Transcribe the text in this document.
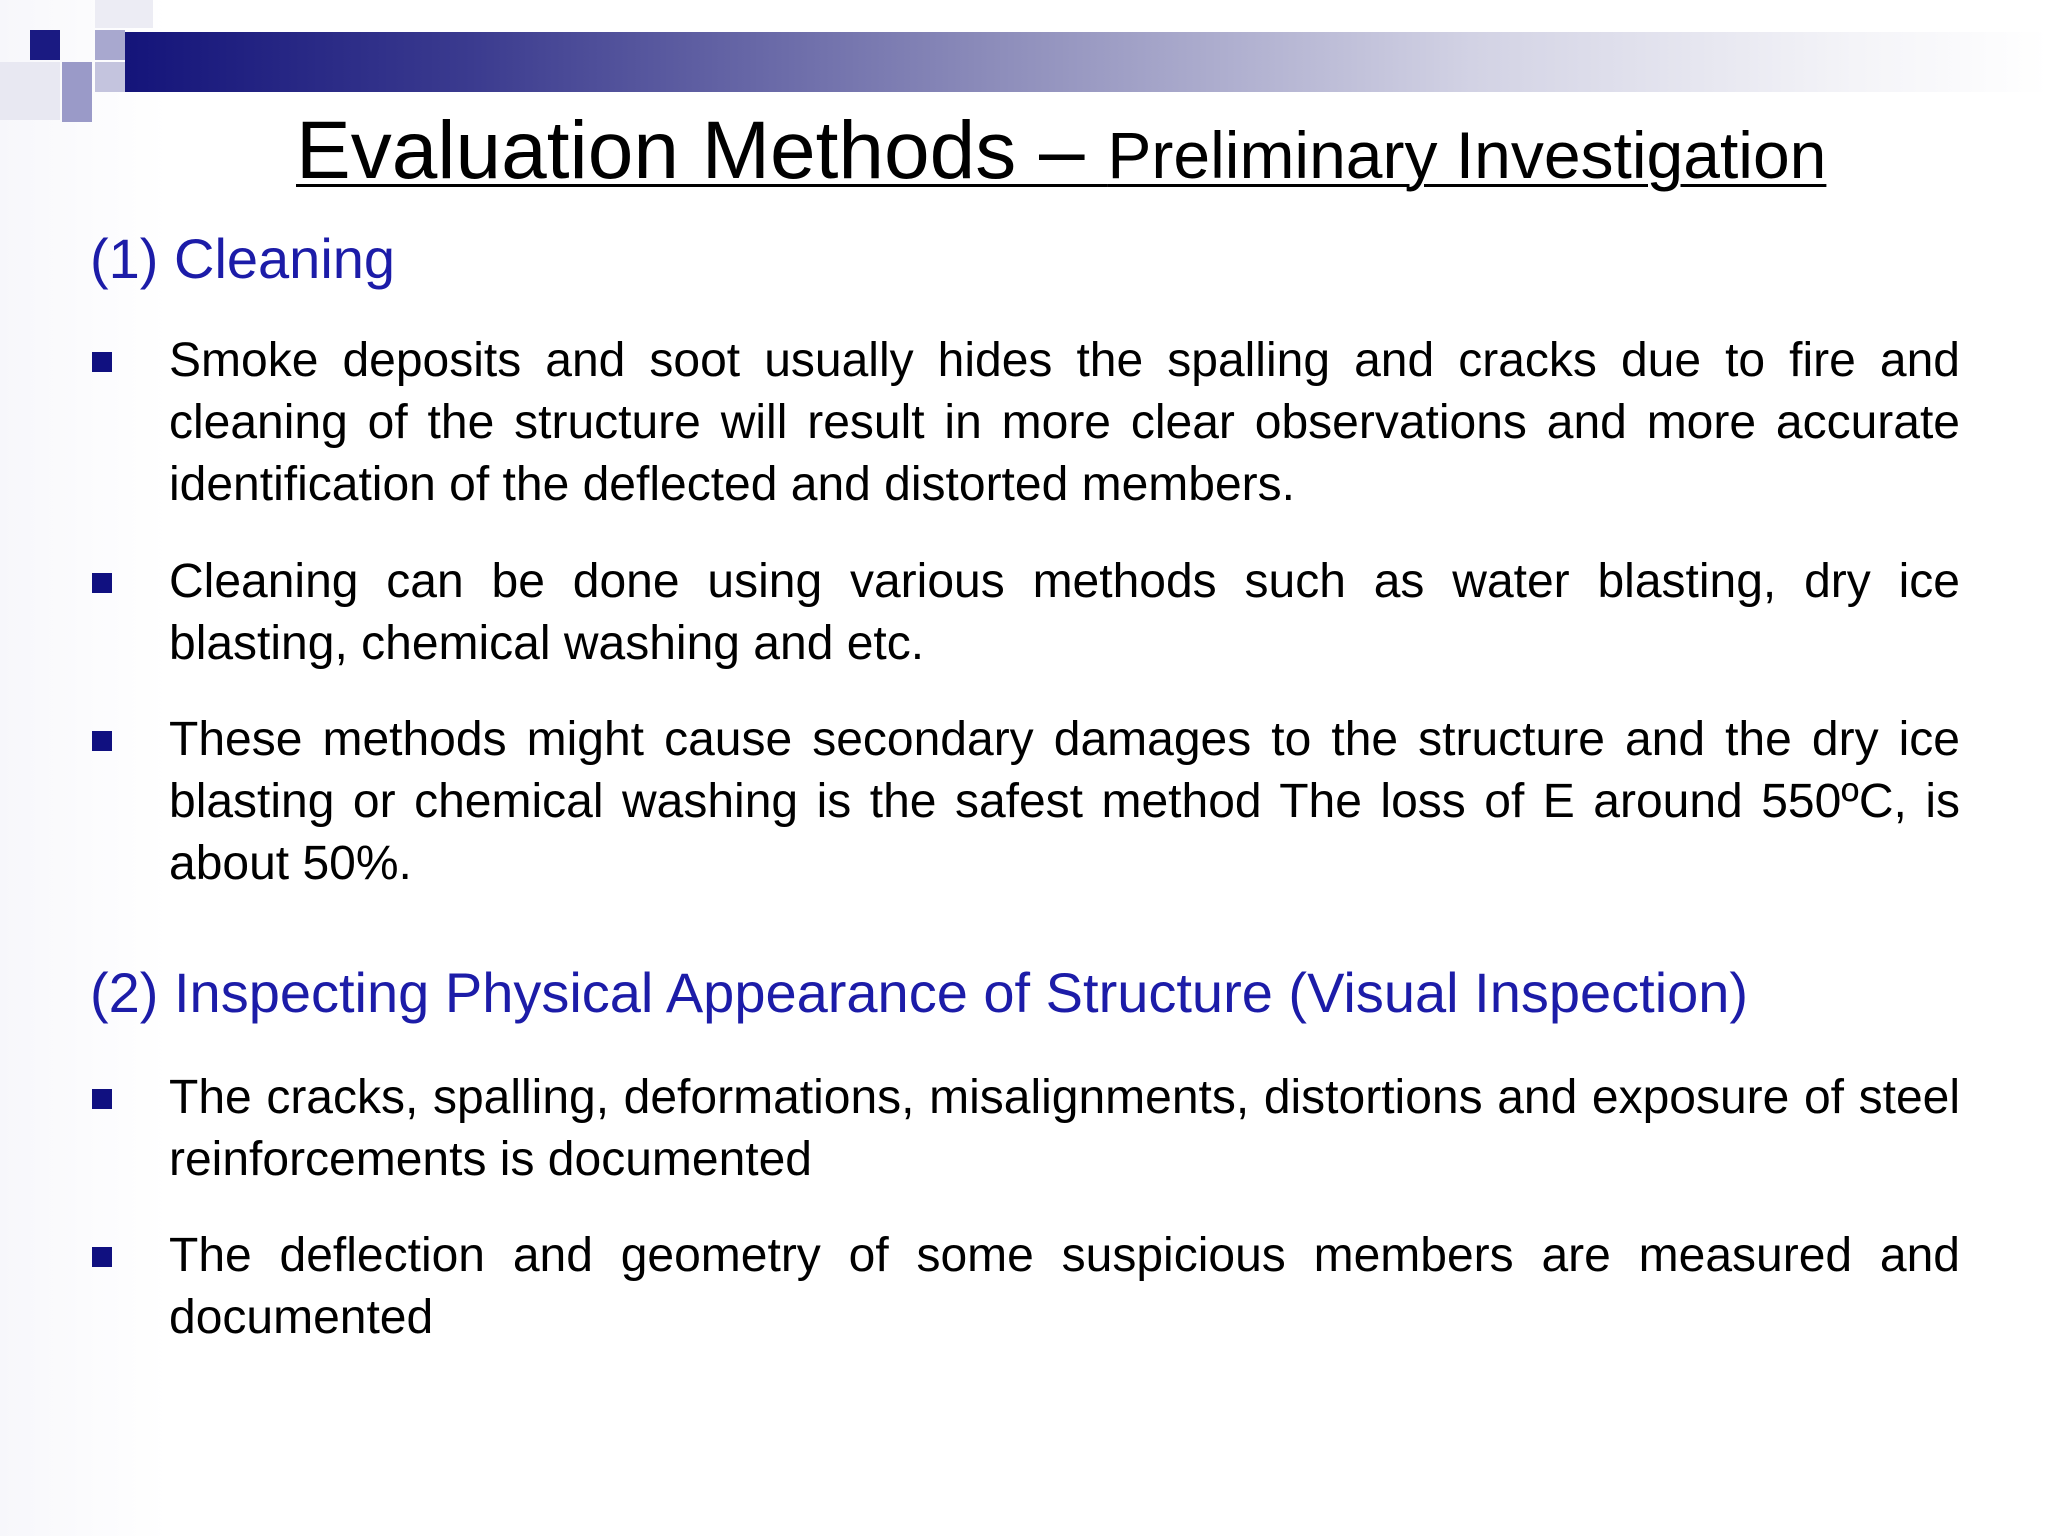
Evaluation Methods – Preliminary Investigation
(1) Cleaning
Smoke deposits and soot usually hides the spalling and cracks due to fire and cleaning of the structure will result in more clear observations and more accurate identification of the deflected and distorted members.
Cleaning can be done using various methods such as water blasting, dry ice blasting, chemical washing and etc.
These methods might cause secondary damages to the structure and the dry ice blasting or chemical washing is the safest method The loss of E around 550ºC, is about 50%.
(2) Inspecting Physical Appearance of Structure (Visual Inspection)
The cracks, spalling, deformations, misalignments, distortions and exposure of steel reinforcements is documented
The deflection and geometry of some suspicious members are measured and documented
